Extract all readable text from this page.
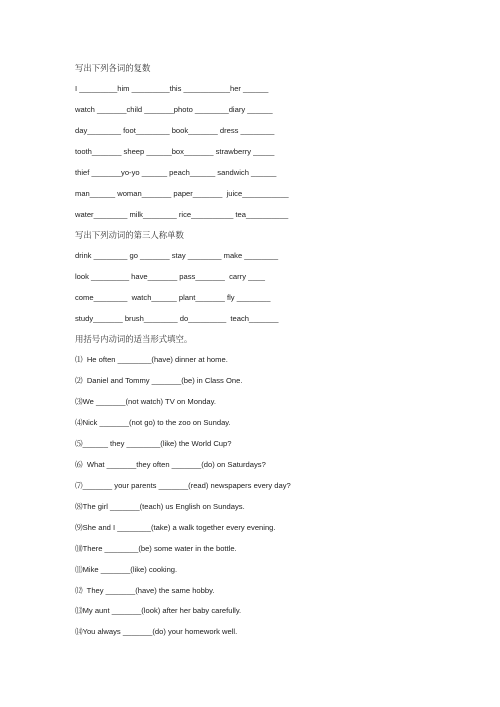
写出下列各词的复数
I _________him _________this ___________her ______
watch _______child _______photo ________diary ______
day________ foot________ book_______ dress ________
tooth_______ sheep ______box_______ strawberry _____
thief _______yo-yo ______ peach______ sandwich ______
man______ woman_______ paper_______  juice___________
water________ milk________ rice__________ tea__________
写出下列动词的第三人称单数
drink ________ go _______ stay ________ make ________
look _________ have_______ pass_______  carry ____
come________  watch______ plant_______ fly ________
study_______ brush________ do_________  teach_______
用括号内动词的适当形式填空。
⑴  He often ________(have) dinner at home.
⑵  Daniel and Tommy _______(be) in Class One.
⑶We _______(not watch) TV on Monday.
⑷Nick _______(not go) to the zoo on Sunday.
⑸______ they ________(like) the World Cup?
⑹  What _______they often _______(do) on Saturdays?
⑺_______ your parents _______(read) newspapers every day?
⑻The girl _______(teach) us English on Sundays.
⑼She and I ________(take) a walk together every evening.
⑽There ________(be) some water in the bottle.
⑾Mike _______(like) cooking.
⑿  They _______(have) the same hobby.
⒀My aunt _______(look) after her baby carefully.
⒁You always _______(do) your homework well.
